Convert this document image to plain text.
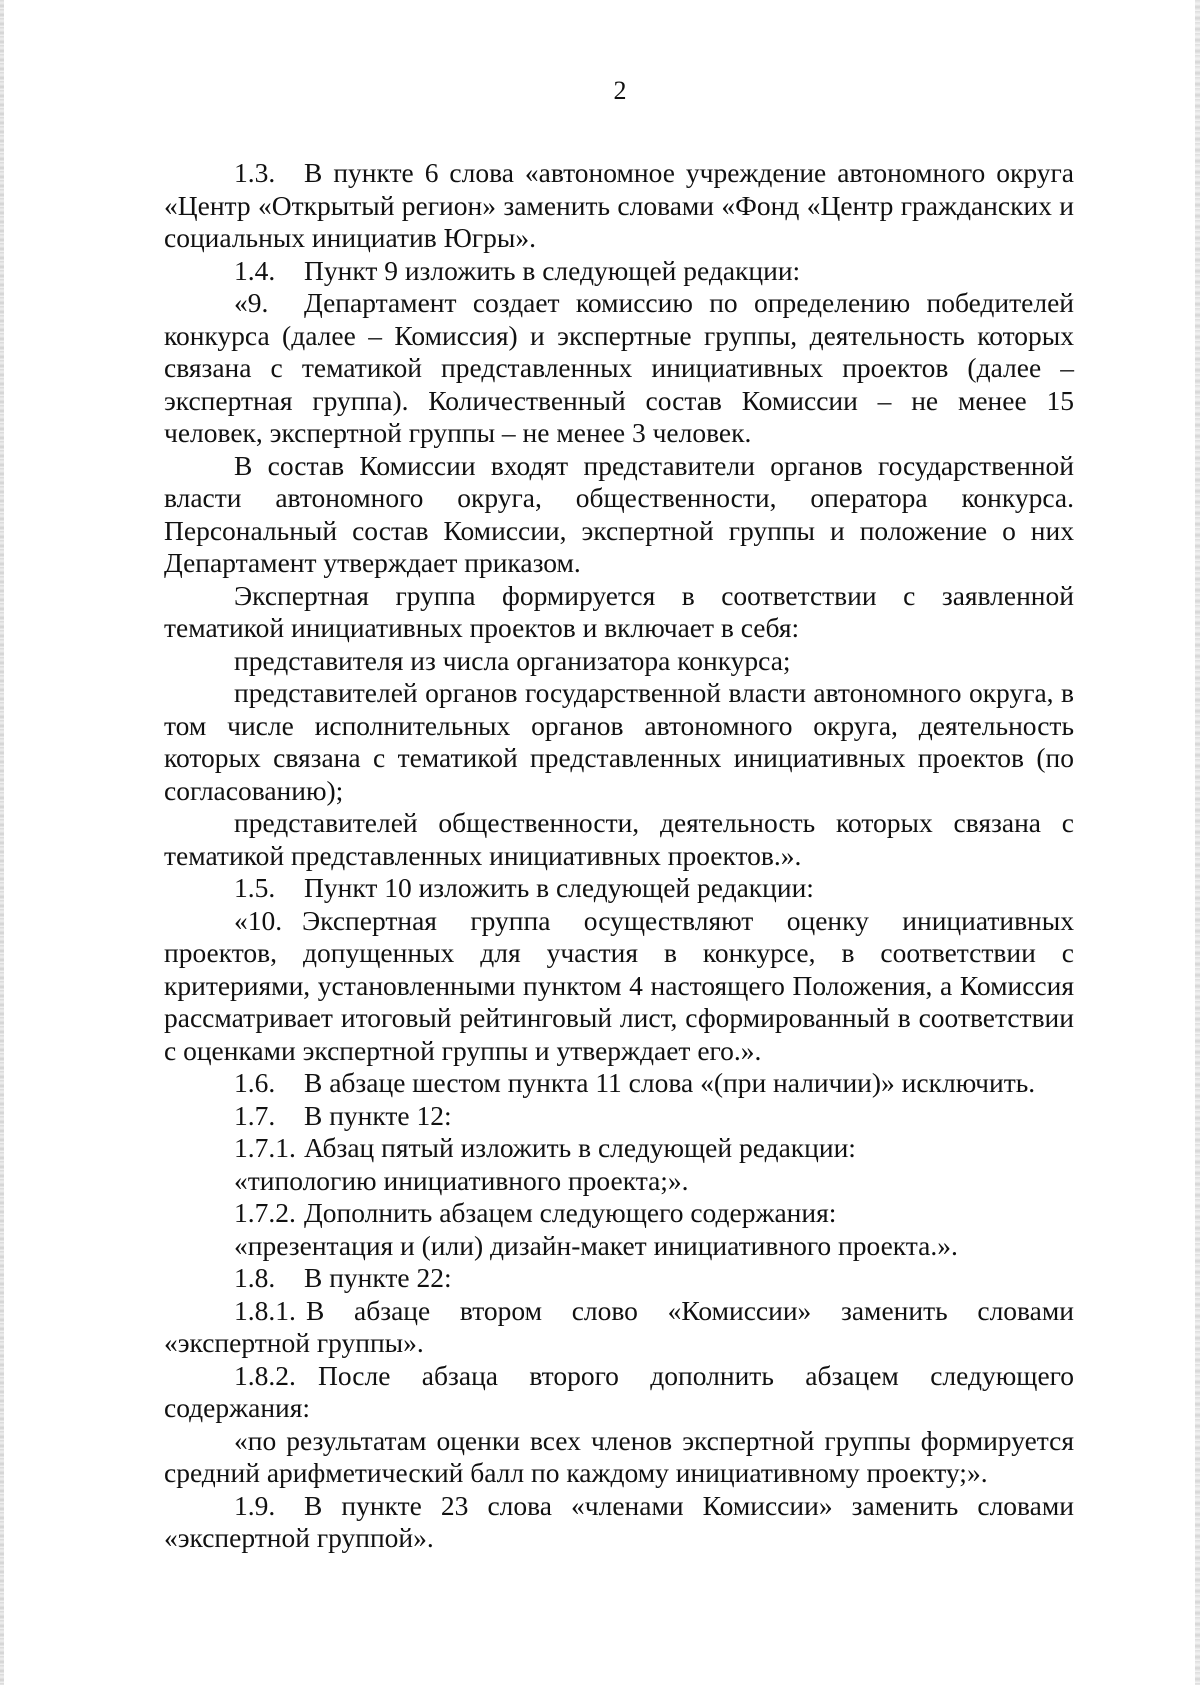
2

1.3. В пункте 6 слова «автономное учреждение автономного округа «Центр «Открытый регион» заменить словами «Фонд «Центр гражданских и социальных инициатив Югры».

1.4. Пункт 9 изложить в следующей редакции:

«9. Департамент создает комиссию по определению победителей конкурса (далее – Комиссия) и экспертные группы, деятельность которых связана с тематикой представленных инициативных проектов (далее – экспертная группа). Количественный состав Комиссии – не менее 15 человек, экспертной группы – не менее 3 человек.

В состав Комиссии входят представители органов государственной власти автономного округа, общественности, оператора конкурса. Персональный состав Комиссии, экспертной группы и положение о них Департамент утверждает приказом.

Экспертная группа формируется в соответствии с заявленной тематикой инициативных проектов и включает в себя:

представителя из числа организатора конкурса;

представителей органов государственной власти автономного округа, в том числе исполнительных органов автономного округа, деятельность которых связана с тематикой представленных инициативных проектов (по согласованию);

представителей общественности, деятельность которых связана с тематикой представленных инициативных проектов.».

1.5. Пункт 10 изложить в следующей редакции:

«10. Экспертная группа осуществляют оценку инициативных проектов, допущенных для участия в конкурсе, в соответствии с критериями, установленными пунктом 4 настоящего Положения, а Комиссия рассматривает итоговый рейтинговый лист, сформированный в соответствии с оценками экспертной группы и утверждает его.».

1.6. В абзаце шестом пункта 11 слова «(при наличии)» исключить.

1.7. В пункте 12:

1.7.1. Абзац пятый изложить в следующей редакции:

«типологию инициативного проекта;».

1.7.2. Дополнить абзацем следующего содержания:

«презентация и (или) дизайн-макет инициативного проекта.».

1.8. В пункте 22:

1.8.1. В абзаце втором слово «Комиссии» заменить словами «экспертной группы».

1.8.2. После абзаца второго дополнить абзацем следующего содержания:

«по результатам оценки всех членов экспертной группы формируется средний арифметический балл по каждому инициативному проекту;».

1.9. В пункте 23 слова «членами Комиссии» заменить словами «экспертной группой».
